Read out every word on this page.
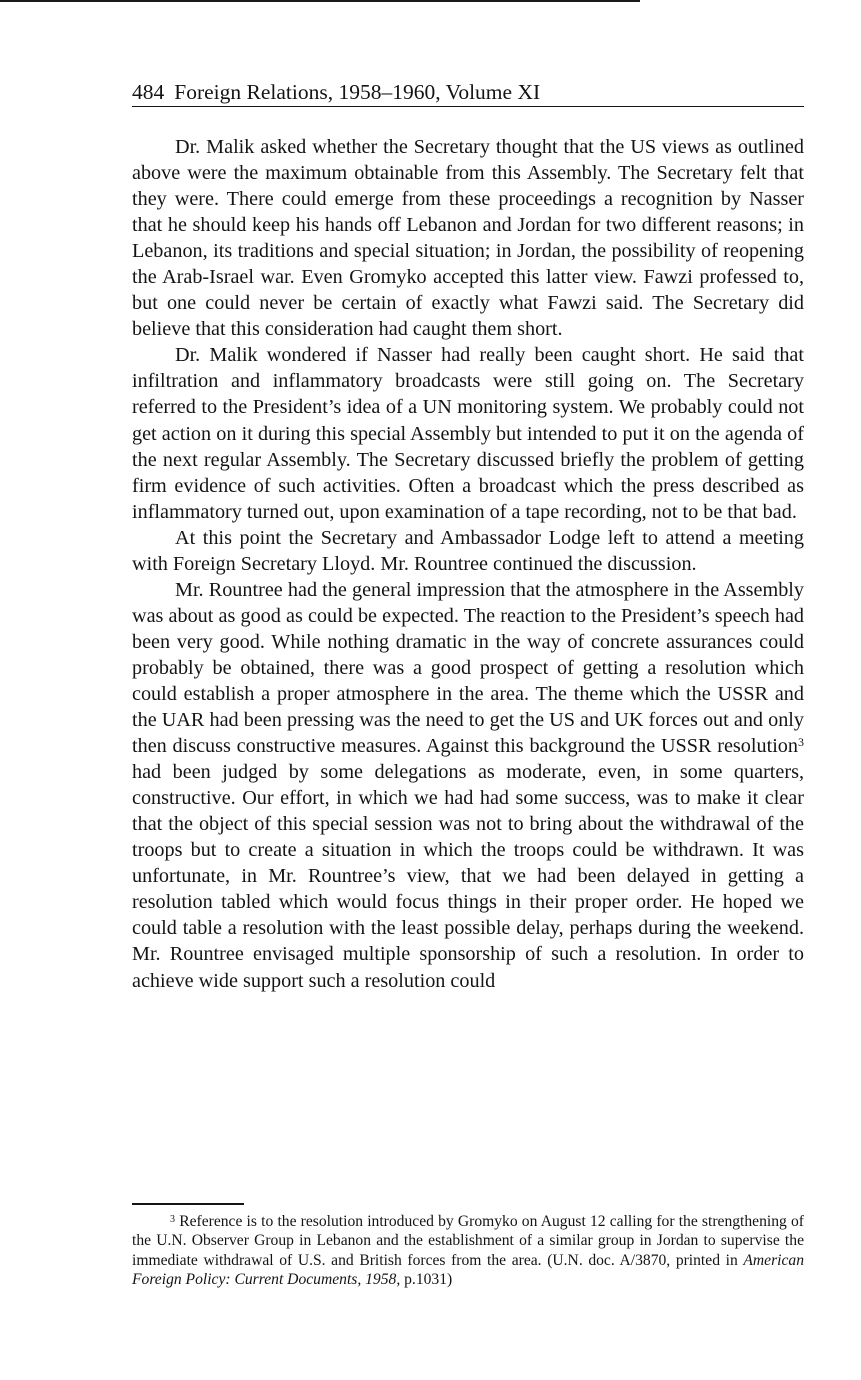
484 Foreign Relations, 1958–1960, Volume XI

Dr. Malik asked whether the Secretary thought that the US views as outlined above were the maximum obtainable from this Assembly. The Secretary felt that they were. There could emerge from these proceedings a recognition by Nasser that he should keep his hands off Lebanon and Jordan for two different reasons; in Lebanon, its traditions and special situation; in Jordan, the possibility of reopening the Arab-Israel war. Even Gromyko accepted this latter view. Fawzi professed to, but one could never be certain of exactly what Fawzi said. The Secretary did believe that this consideration had caught them short.

Dr. Malik wondered if Nasser had really been caught short. He said that infiltration and inflammatory broadcasts were still going on. The Secretary referred to the President’s idea of a UN monitoring system. We probably could not get action on it during this special Assembly but intended to put it on the agenda of the next regular Assembly. The Secretary discussed briefly the problem of getting firm evidence of such activities. Often a broadcast which the press described as inflammatory turned out, upon examination of a tape recording, not to be that bad.

At this point the Secretary and Ambassador Lodge left to attend a meeting with Foreign Secretary Lloyd. Mr. Rountree continued the discussion.

Mr. Rountree had the general impression that the atmosphere in the Assembly was about as good as could be expected. The reaction to the President’s speech had been very good. While nothing dramatic in the way of concrete assurances could probably be obtained, there was a good prospect of getting a resolution which could establish a proper atmosphere in the area. The theme which the USSR and the UAR had been pressing was the need to get the US and UK forces out and only then discuss constructive measures. Against this background the USSR resolution$^3$ had been judged by some delegations as moderate, even, in some quarters, constructive. Our effort, in which we had had some success, was to make it clear that the object of this special session was not to bring about the withdrawal of the troops but to create a situation in which the troops could be withdrawn. It was unfortunate, in Mr. Rountree’s view, that we had been delayed in getting a resolution tabled which would focus things in their proper order. He hoped we could table a resolution with the least possible delay, perhaps during the weekend. Mr. Rountree envisaged multiple sponsorship of such a resolution. In order to achieve wide support such a resolution could

$^3$ Reference is to the resolution introduced by Gromyko on August 12 calling for the strengthening of the U.N. Observer Group in Lebanon and the establishment of a similar group in Jordan to supervise the immediate withdrawal of U.S. and British forces from the area. (U.N. doc. A/3870, printed in American Foreign Policy: Current Documents, 1958, p.1031)
